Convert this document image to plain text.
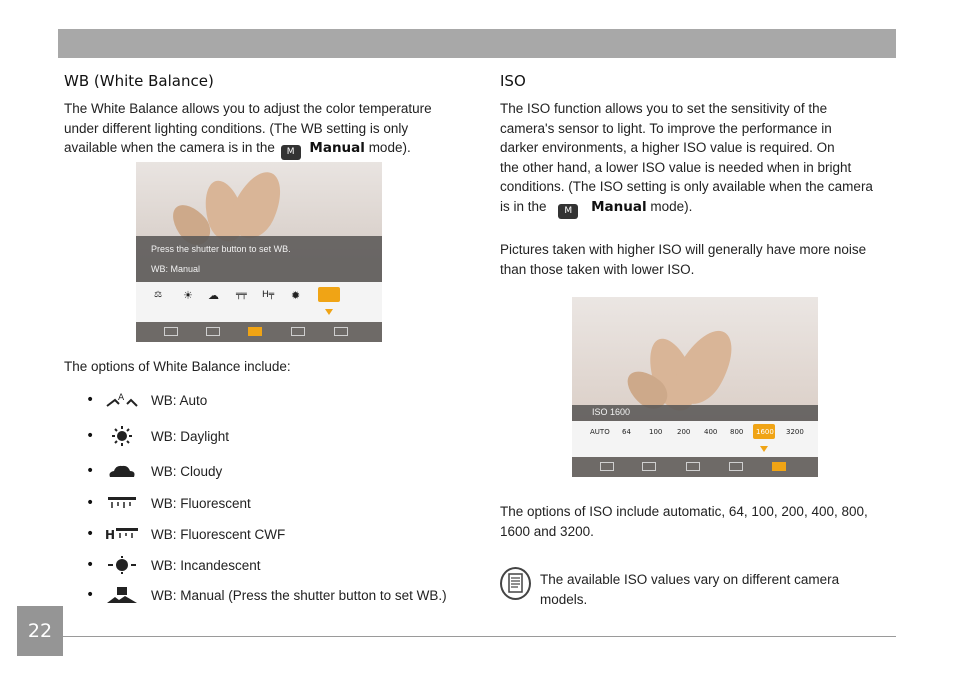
WB (White Balance)
The White Balance allows you to adjust the color temperature
under different lighting conditions. (The WB setting is only
available when the camera is in the M Manual mode).
Press the shutter button to set WB.
WB: Manual
⚖ ☀ ☁ ╤╤ H╤ ✹
The options of White Balance include:
•	A WB: Auto
•	WB: Daylight
•	WB: Cloudy
•	WB: Fluorescent
• H	WB: Fluorescent CWF
•	WB: Incandescent
•	WB: Manual (Press the shutter button to set WB.)
ISO
The ISO function allows you to set the sensitivity of the
camera's sensor to light. To improve the performance in
darker environments, a higher ISO value is required. On
the other hand, a lower ISO value is needed when in bright
conditions. (The ISO setting is only available when the camera
is in the M Manual mode).
Pictures taken with higher ISO will generally have more noise
than those taken with lower ISO.
ISO 1600
AUTO 64	100 200 400 800 1600 3200
The options of ISO include automatic, 64, 100, 200, 400, 800,
1600 and 3200.
The available ISO values vary on different camera
models.
22
